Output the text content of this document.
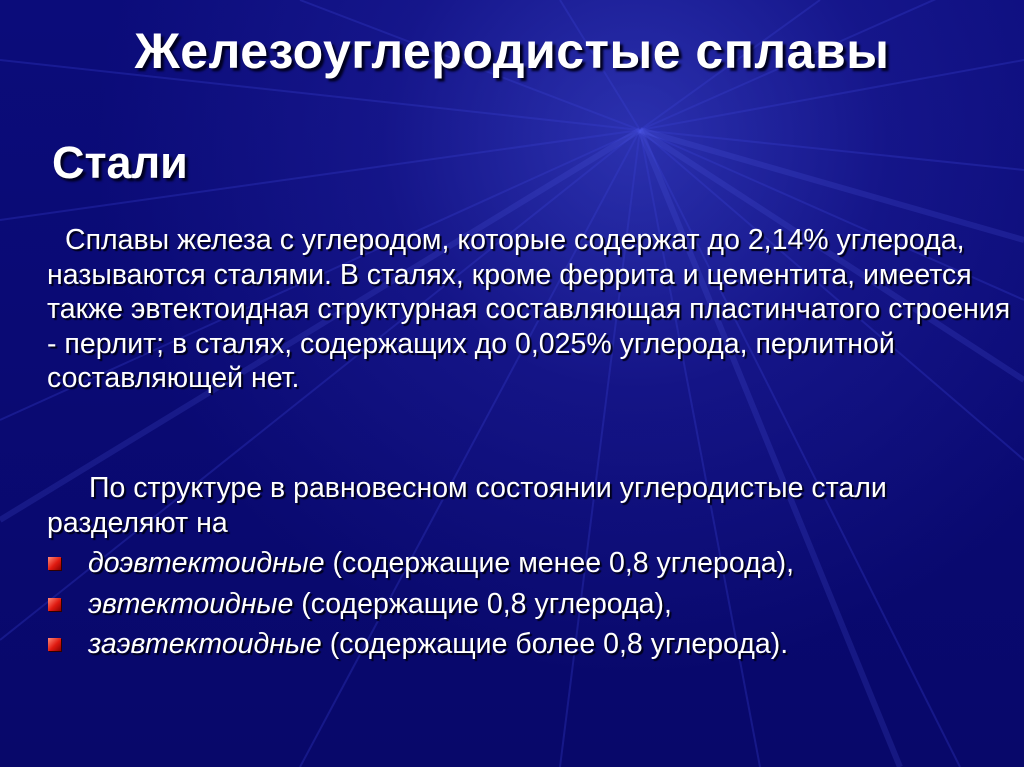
Железоуглеродистые сплавы
Стали
Сплавы железа с углеродом, которые содержат до 2,14% углерода, называются сталями. В сталях, кроме феррита и цементита, имеется также эвтектоидная структурная составляющая пластинчатого строения - перлит; в сталях, содержащих до 0,025% углерода, перлитной составляющей нет.
По структуре в равновесном состоянии углеродистые стали разделяют на
доэвтектоидные (содержащие менее 0,8 углерода),
эвтектоидные (содержащие 0,8 углерода),
заэвтектоидные (содержащие более 0,8 углерода).
